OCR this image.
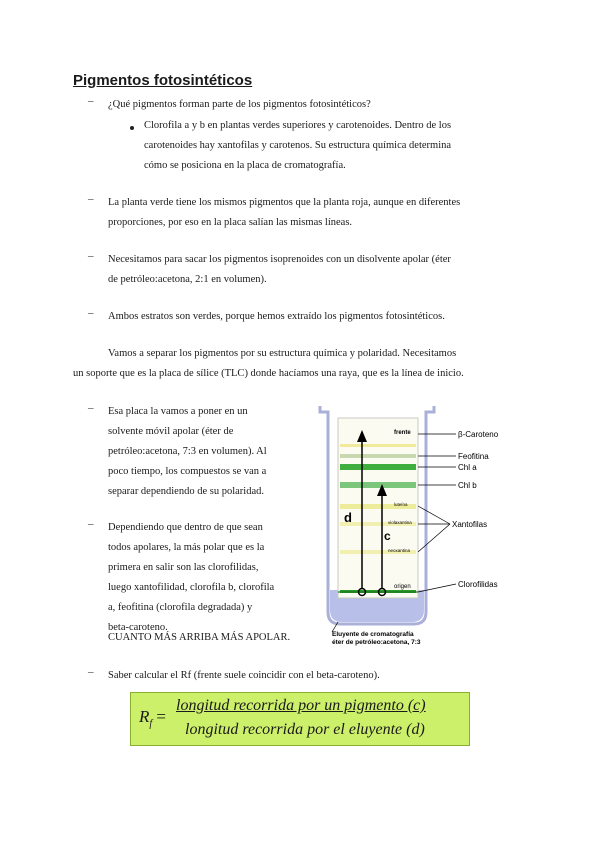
Pigmentos fotosintéticos
– ¿Qué pigmentos forman parte de los pigmentos fotosintéticos?
Clorofila a y b en plantas verdes superiores y carotenoides. Dentro de los
carotenoides hay xantofilas y carotenos. Su estructura química determina
cómo se posiciona en la placa de cromatografía.
– La planta verde tiene los mismos pigmentos que la planta roja, aunque en diferentes
proporciones, por eso en la placa salían las mismas líneas.
– Necesitamos para sacar los pigmentos isoprenoides con un disolvente apolar (éter
de petróleo:acetona, 2:1 en volumen).
– Ambos estratos son verdes, porque hemos extraído los pigmentos fotosintéticos.
Vamos a separar los pigmentos por su estructura química y polaridad. Necesitamos
un soporte que es la placa de sílice (TLC) donde hacíamos una raya, que es la línea de inicio.
– Esa placa la vamos a poner en un
solvente móvil apolar (éter de
petróleo:acetona, 7:3 en volumen). Al
poco tiempo, los compuestos se van a
separar dependiendo de su polaridad.
– Dependiendo que dentro de que sean
todos apolares, la más polar que es la
primera en salir son las clorofilidas,
luego xantofilidad, clorofila b, clorofila
a, feofitina (clorofila degradada) y
beta-caroteno.
CUANTO MÁS ARRIBA MÁS APOLAR.
d
c
frente
luteína
violaxantina
neoxantina
origen
β-Caroteno
Feofitina
Chl a
Chl b
Xantofilas
Clorofilidas
Eluyente de cromatografía
éter de petróleo:acetona, 7:3
– Saber calcular el Rf (frente suele coincidir con el beta-caroteno).
$R_f$ =
longitud recorrida por un pigmento (c)
longitud recorrida por el eluyente (d)
